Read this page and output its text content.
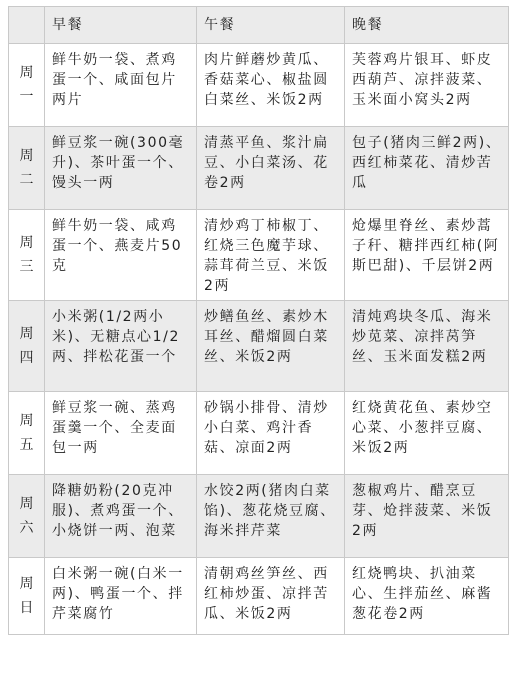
	早餐	午餐	晚餐
周一	鲜牛奶一袋、煮鸡蛋一个、咸面包片两片	肉片鲜蘑炒黄瓜、香菇菜心、椒盐圆白菜丝、米饭2两	芙蓉鸡片银耳、虾皮西葫芦、凉拌菠菜、玉米面小窝头2两
周二	鲜豆浆一碗(300毫升)、茶叶蛋一个、馒头一两	清蒸平鱼、浆汁扁豆、小白菜汤、花卷2两	包子(猪肉三鲜2两)、西红柿菜花、清炒苦瓜
周三	鲜牛奶一袋、咸鸡蛋一个、燕麦片50克	清炒鸡丁柿椒丁、红烧三色魔芋球、蒜茸荷兰豆、米饭2两	炝爆里脊丝、素炒蒿子秆、糖拌西红柿(阿斯巴甜)、千层饼2两
周四	小米粥(1/2两小米)、无糖点心1/2两、拌松花蛋一个	炒鳝鱼丝、素炒木耳丝、醋熘圆白菜丝、米饭2两	清炖鸡块冬瓜、海米炒苋菜、凉拌莴笋丝、玉米面发糕2两
周五	鲜豆浆一碗、蒸鸡蛋羹一个、全麦面包一两	砂锅小排骨、清炒小白菜、鸡汁香菇、凉面2两	红烧黄花鱼、素炒空心菜、小葱拌豆腐、米饭2两
周六	降糖奶粉(20克冲服)、煮鸡蛋一个、小烧饼一两、泡菜	水饺2两(猪肉白菜馅)、葱花烧豆腐、海米拌芹菜	葱椒鸡片、醋烹豆芽、炝拌菠菜、米饭2两
周日	白米粥一碗(白米一两)、鸭蛋一个、拌芹菜腐竹	清朝鸡丝笋丝、西红柿炒蛋、凉拌苦瓜、米饭2两	红烧鸭块、扒油菜心、生拌茄丝、麻酱葱花卷2两
